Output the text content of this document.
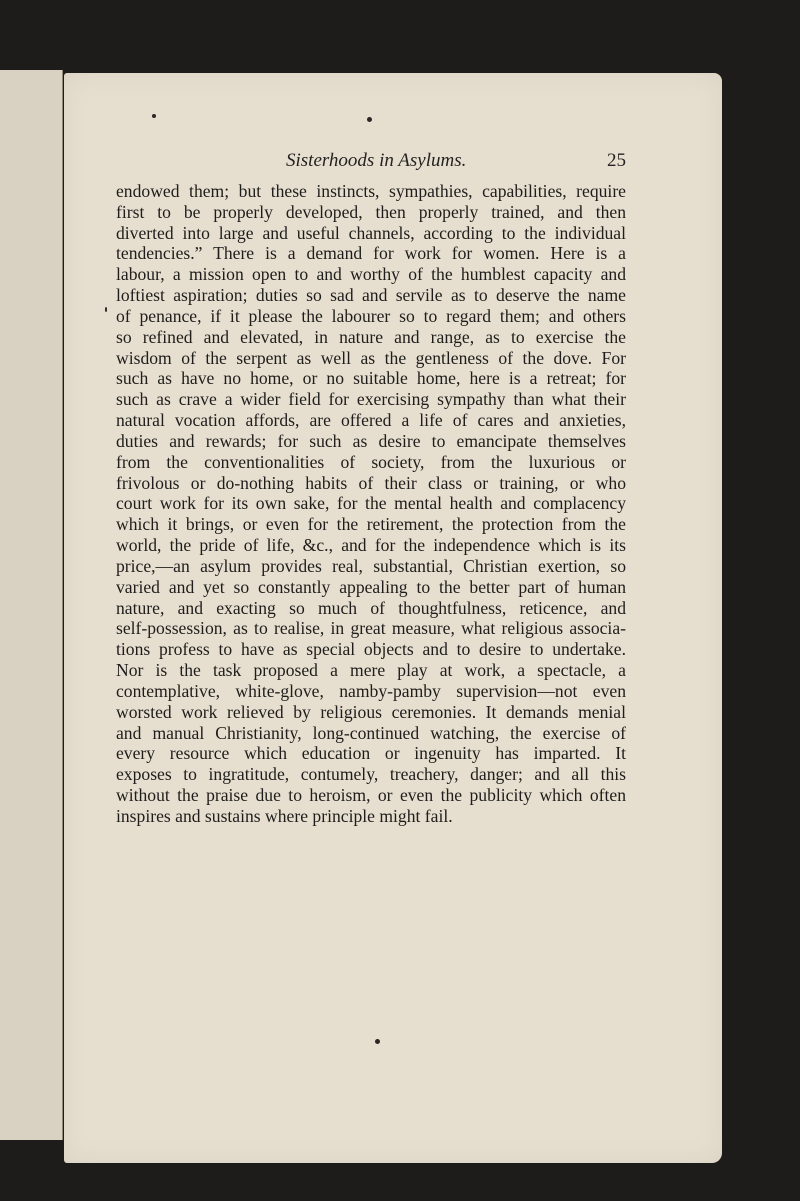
Sisterhoods in Asylums.	25
endowed them; but these instincts, sympathies, capabilities, require
first to be properly developed, then properly trained, and then
diverted into large and useful channels, according to the individual
tendencies.” There is a demand for work for women. Here is a
labour, a mission open to and worthy of the humblest capacity and
loftiest aspiration; duties so sad and servile as to deserve the name
of penance, if it please the labourer so to regard them; and others
so refined and elevated, in nature and range, as to exercise the
wisdom of the serpent as well as the gentleness of the dove. For
such as have no home, or no suitable home, here is a retreat; for
such as crave a wider field for exercising sympathy than what their
natural vocation affords, are offered a life of cares and anxieties,
duties and rewards; for such as desire to emancipate themselves
from the conventionalities of society, from the luxurious or
frivolous or do-nothing habits of their class or training, or who
court work for its own sake, for the mental health and complacency
which it brings, or even for the retirement, the protection from the
world, the pride of life, &c., and for the independence which is its
price,—an asylum provides real, substantial, Christian exertion, so
varied and yet so constantly appealing to the better part of human
nature, and exacting so much of thoughtfulness, reticence, and
self-possession, as to realise, in great measure, what religious associa-
tions profess to have as special objects and to desire to undertake.
Nor is the task proposed a mere play at work, a spectacle, a
contemplative, white-glove, namby-pamby supervision—not even
worsted work relieved by religious ceremonies. It demands menial
and manual Christianity, long-continued watching, the exercise of
every resource which education or ingenuity has imparted. It
exposes to ingratitude, contumely, treachery, danger; and all this
without the praise due to heroism, or even the publicity which often
inspires and sustains where principle might fail.
